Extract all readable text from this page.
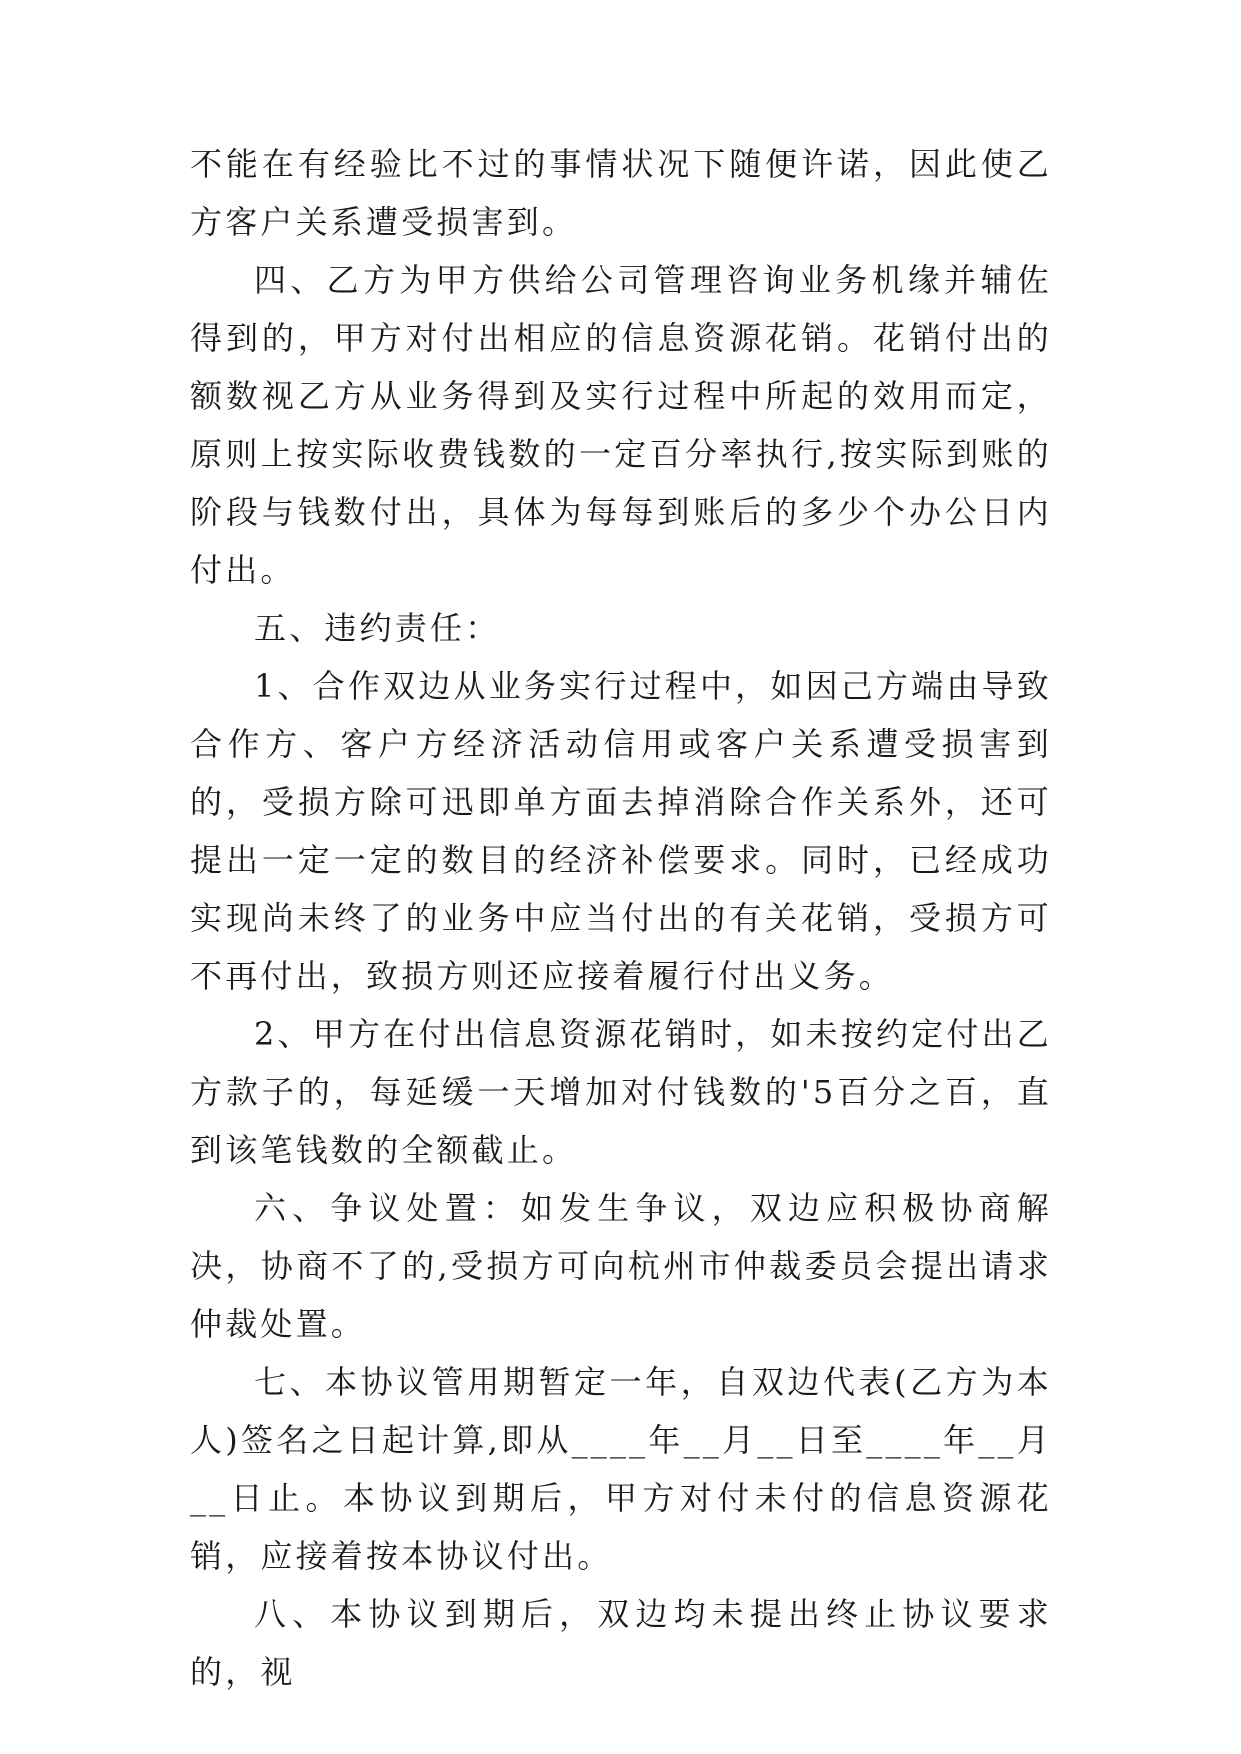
不能在有经验比不过的事情状况下随便许诺，因此使乙方客户关系遭受损害到。

四、乙方为甲方供给公司管理咨询业务机缘并辅佐得到的，甲方对付出相应的信息资源花销。花销付出的额数视乙方从业务得到及实行过程中所起的效用而定，原则上按实际收费钱数的一定百分率执行,按实际到账的阶段与钱数付出，具体为每每到账后的多少个办公日内付出。

五、违约责任：

1、合作双边从业务实行过程中，如因己方端由导致合作方、客户方经济活动信用或客户关系遭受损害到的，受损方除可迅即单方面去掉消除合作关系外，还可提出一定一定的数目的经济补偿要求。同时，已经成功实现尚未终了的业务中应当付出的有关花销，受损方可不再付出，致损方则还应接着履行付出义务。

2、甲方在付出信息资源花销时，如未按约定付出乙方款子的，每延缓一天增加对付钱数的'5百分之百，直到该笔钱数的全额截止。

六、争议处置：如发生争议，双边应积极协商解决，协商不了的,受损方可向杭州市仲裁委员会提出请求仲裁处置。

七、本协议管用期暂定一年，自双边代表(乙方为本人)签名之日起计算,即从____年__月__日至____年__月__日止。本协议到期后，甲方对付未付的信息资源花销，应接着按本协议付出。

八、本协议到期后，双边均未提出终止协议要求的，视
